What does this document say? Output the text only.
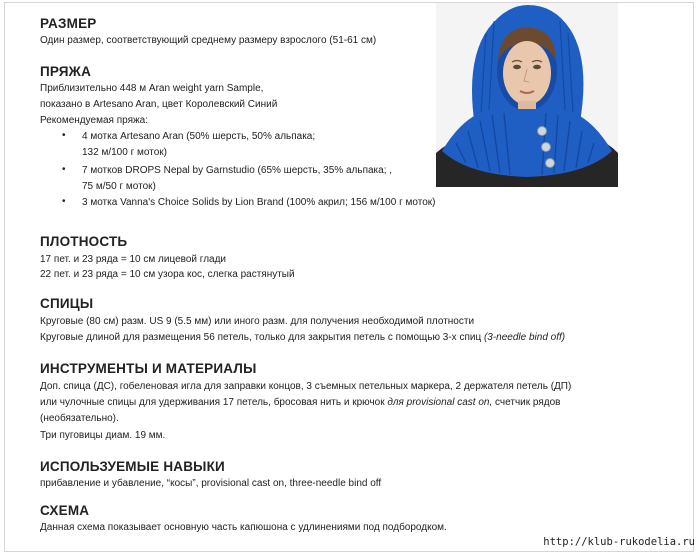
РАЗМЕР
Один размер, соответствующий среднему размеру взрослого (51-61 см)
ПРЯЖА
Приблизительно 448 м Aran weight yarn Sample,
показано в Artesano Aran, цвет Королевский Синий
Рекомендуемая пряжа:
• 4 мотка Artesano Aran (50% шерсть, 50% альпака;
132 м/100 г моток)
• 7 мотков DROPS Nepal by Garnstudio (65% шерсть, 35% альпака; ,
75 м/50 г моток)
• 3 мотка Vanna's Choice Solids by Lion Brand (100% акрил; 156 м/100 г моток)
ПЛОТНОСТЬ
17 пет. и 23 ряда = 10 см лицевой глади
22 пет. и 23 ряда = 10 см узора кос, слегка растянутый
СПИЦЫ
Круговые (80 см) разм. US 9 (5.5 мм) или иного разм. для получения необходимой плотности
Круговые длиной для размещения 56 петель, только для закрытия петель с помощью 3-х спиц (3-needle bind off)
ИНСТРУМЕНТЫ И МАТЕРИАЛЫ
Доп. спица (ДС), гобеленовая игла для заправки концов, 3 съемных петельных маркера, 2 держателя петель (ДП)
или чулочные спицы для удерживания 17 петель, бросовая нить и крючок для provisional cast on, счетчик рядов
(необязательно).
Три пуговицы диам. 19 мм.
ИСПОЛЬЗУЕМЫЕ НАВЫКИ
прибавление и убавление, “косы”, provisional cast on, three-needle bind off
СХЕМА
Данная схема показывает основную часть капюшона с удлинениями под подбородком.
http://klub-rukodelia.ru
